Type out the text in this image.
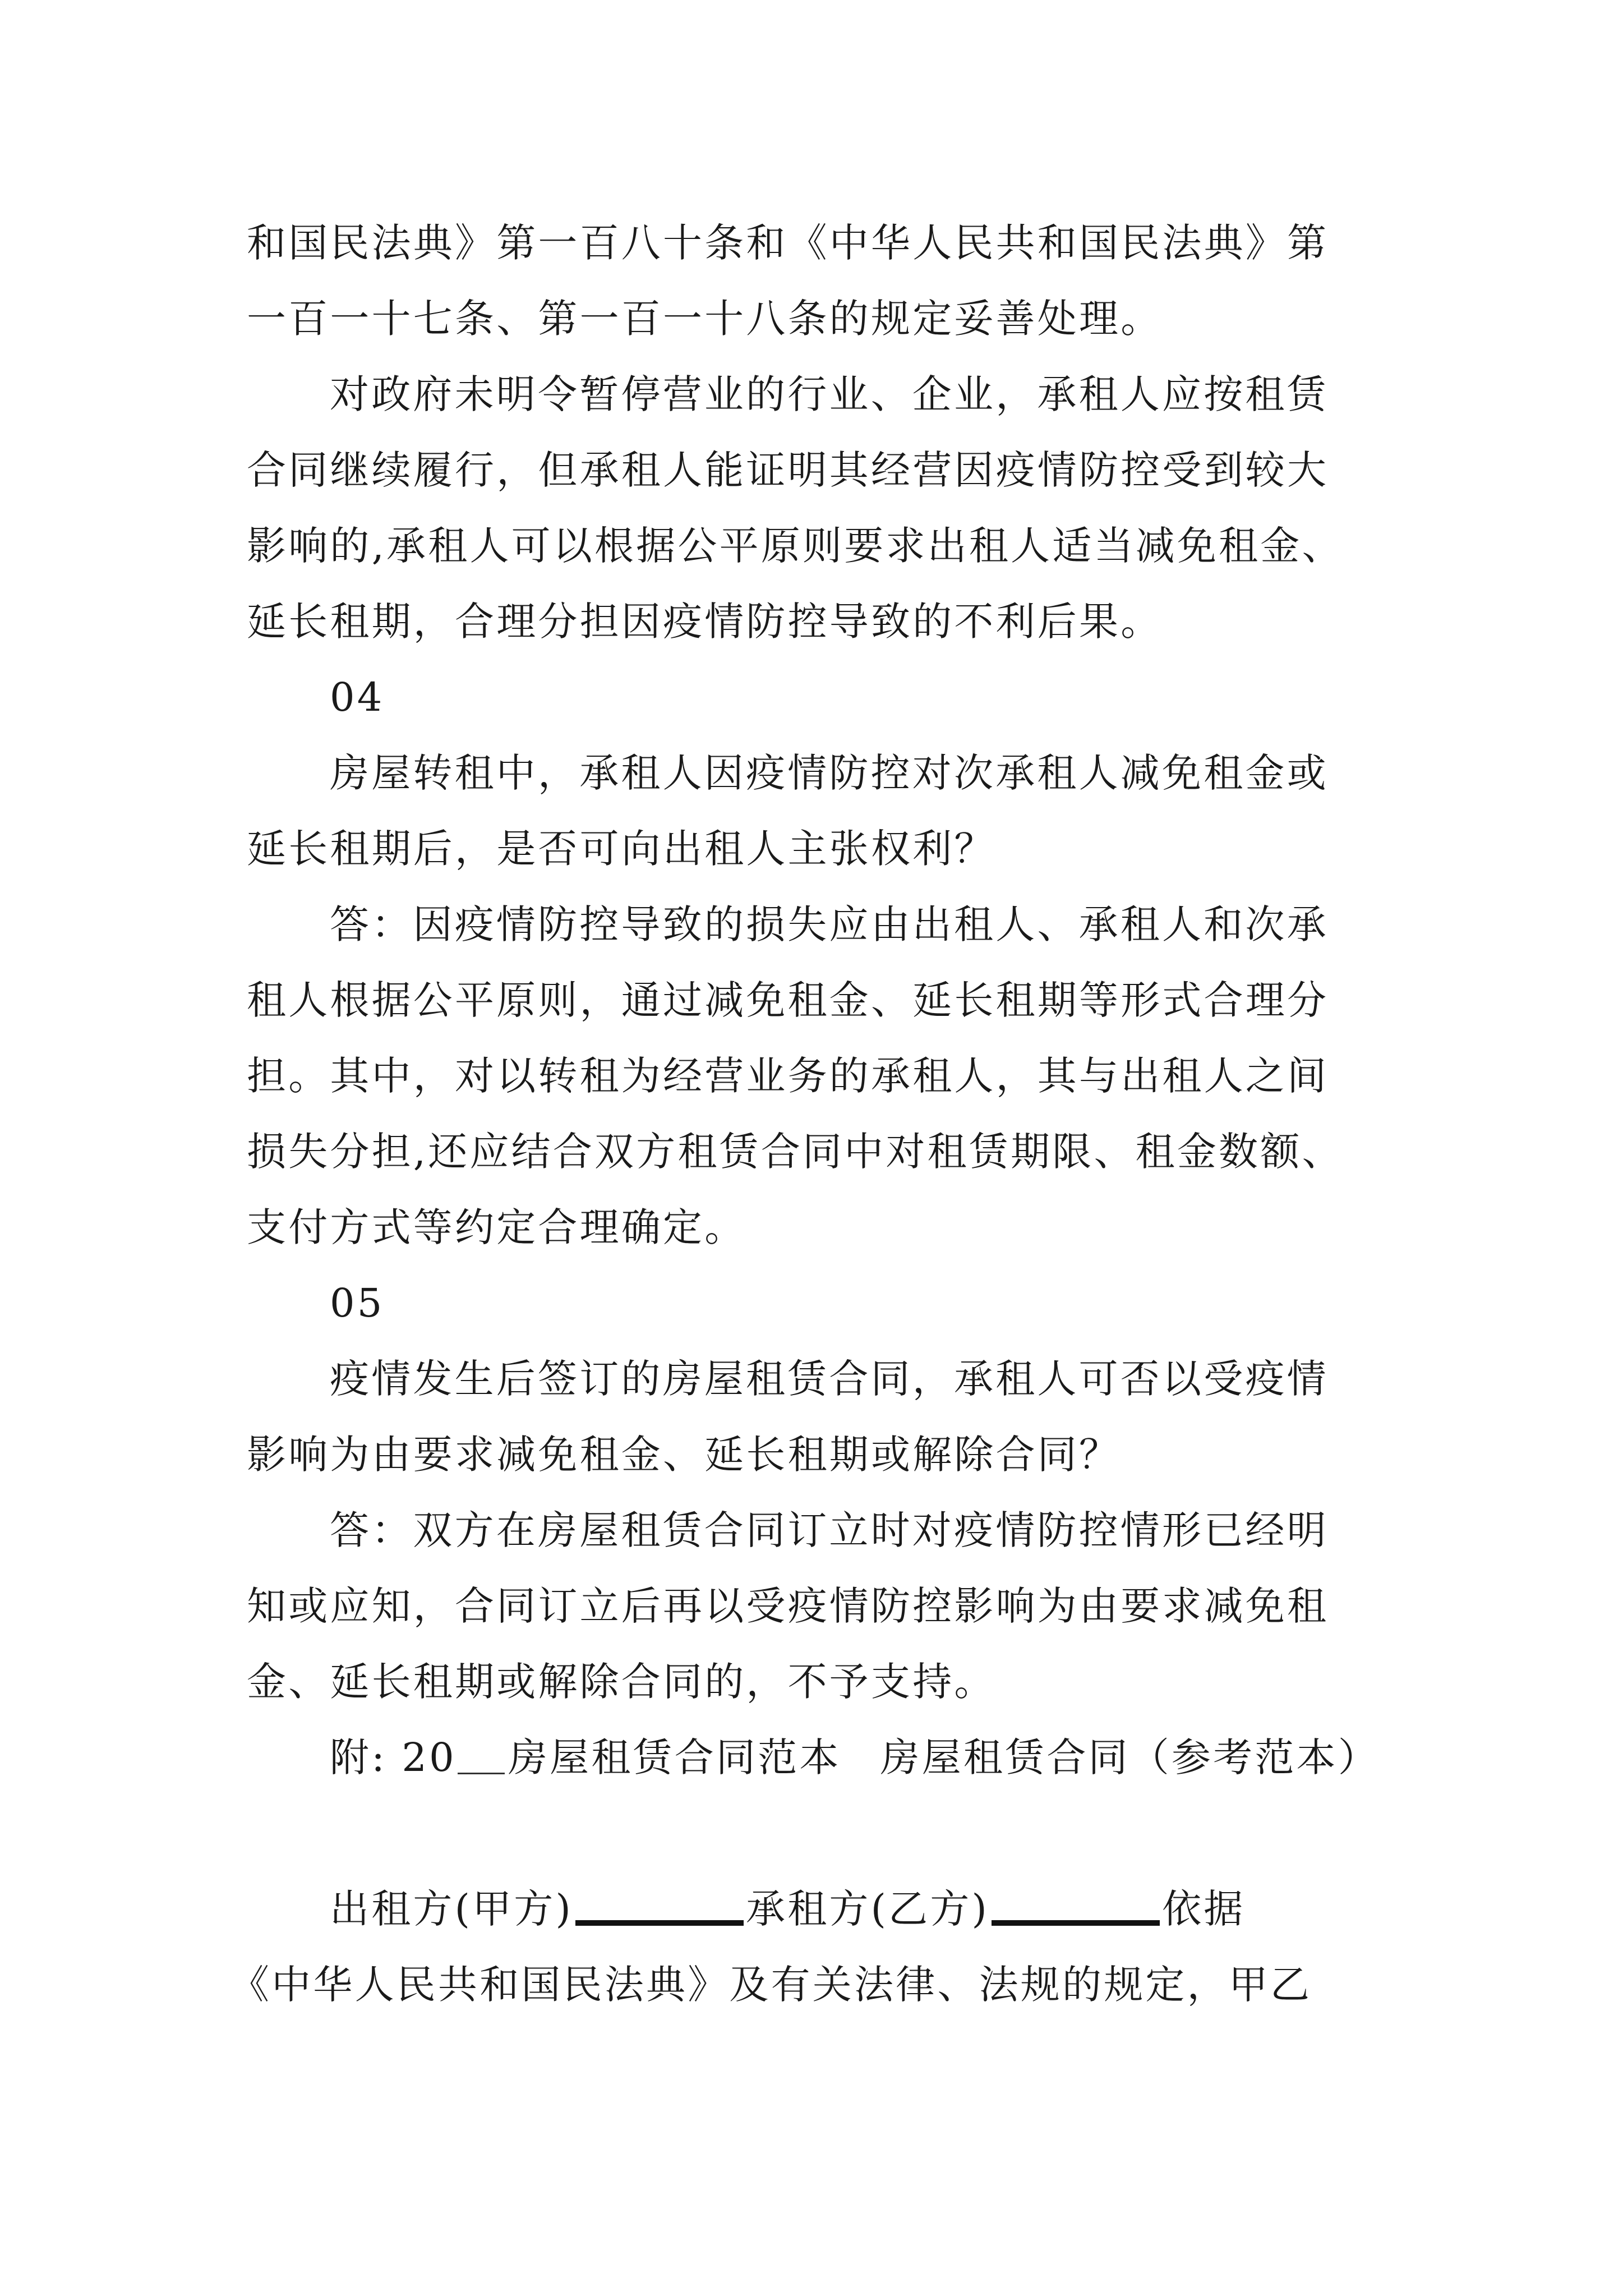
和国民法典》第一百八十条和《中华人民共和国民法典》第
一百一十七条、第一百一十八条的规定妥善处理。
对政府未明令暂停营业的行业、企业，承租人应按租赁
合同继续履行，但承租人能证明其经营因疫情防控受到较大
影响的,承租人可以根据公平原则要求出租人适当减免租金、
延长租期，合理分担因疫情防控导致的不利后果。
04
房屋转租中，承租人因疫情防控对次承租人减免租金或
延长租期后，是否可向出租人主张权利？
答：因疫情防控导致的损失应由出租人、承租人和次承
租人根据公平原则，通过减免租金、延长租期等形式合理分
担。其中，对以转租为经营业务的承租人，其与出租人之间
损失分担,还应结合双方租赁合同中对租赁期限、租金数额、
支付方式等约定合理确定。
05
疫情发生后签订的房屋租赁合同，承租人可否以受疫情
影响为由要求减免租金、延长租期或解除合同？
答：双方在房屋租赁合同订立时对疫情防控情形已经明
知或应知，合同订立后再以受疫情防控影响为由要求减免租
金、延长租期或解除合同的，不予支持。
附: 20 房屋租赁合同范本 房屋租赁合同（参考范本）
出租方(甲方)	承租方(乙方)	依据
《中华人民共和国民法典》及有关法律、法规的规定，甲乙
